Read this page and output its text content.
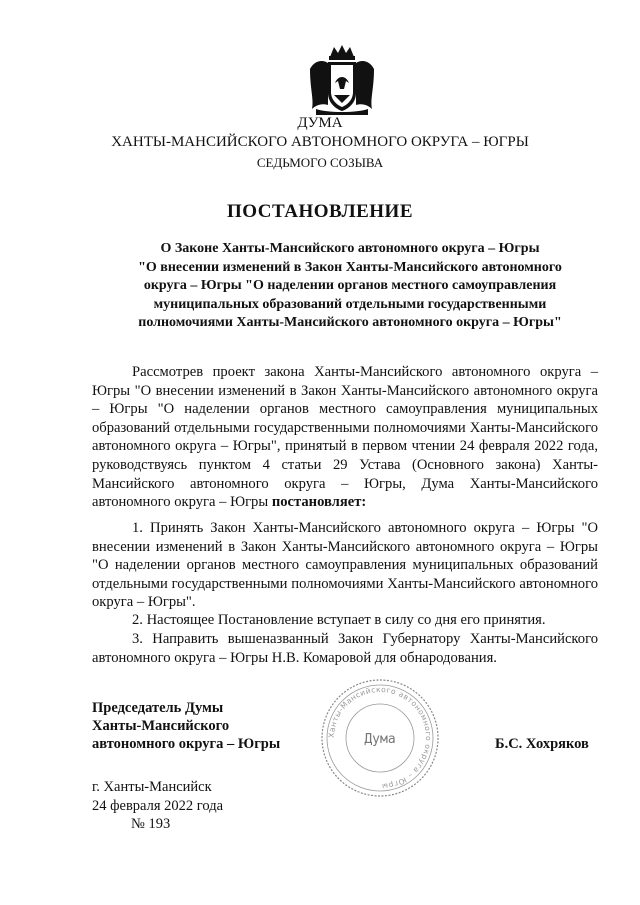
ДУМА
ХАНТЫ-МАНСИЙСКОГО АВТОНОМНОГО ОКРУГА – ЮГРЫ
СЕДЬМОГО СОЗЫВА
ПОСТАНОВЛЕНИЕ
О Законе Ханты-Мансийского автономного округа – Югры
"О внесении изменений в Закон Ханты-Мансийского автономного
округа – Югры "О наделении органов местного самоуправления
муниципальных образований отдельными государственными
полномочиями Ханты-Мансийского автономного округа – Югры"

Рассмотрев проект закона Ханты-Мансийского автономного округа – Югры "О внесении изменений в Закон Ханты-Мансийского автономного округа – Югры "О наделении органов местного самоуправления муниципальных образований отдельными государственными полномочиями Ханты-Мансийского автономного округа – Югры", принятый в первом чтении 24 февраля 2022 года, руководствуясь пунктом 4 статьи 29 Устава (Основного закона) Ханты-Мансийского автономного округа – Югры, Дума Ханты-Мансийского автономного округа – Югры постановляет:

1. Принять Закон Ханты-Мансийского автономного округа – Югры "О внесении изменений в Закон Ханты-Мансийского автономного округа – Югры "О наделении органов местного самоуправления муниципальных образований отдельными государственными полномочиями Ханты-Мансийского автономного округа – Югры".

2. Настоящее Постановление вступает в силу со дня его принятия.

3. Направить вышеназванный Закон Губернатору Ханты-Мансийского автономного округа – Югры Н.В. Комаровой для обнародования.

Председатель Думы
Ханты-Мансийского
автономного округа – Югры
Ханты-Мансийского автономного округа – Югры
Дума	Б.С. Хохряков
г. Ханты-Мансийск
24 февраля 2022 года
№ 193
